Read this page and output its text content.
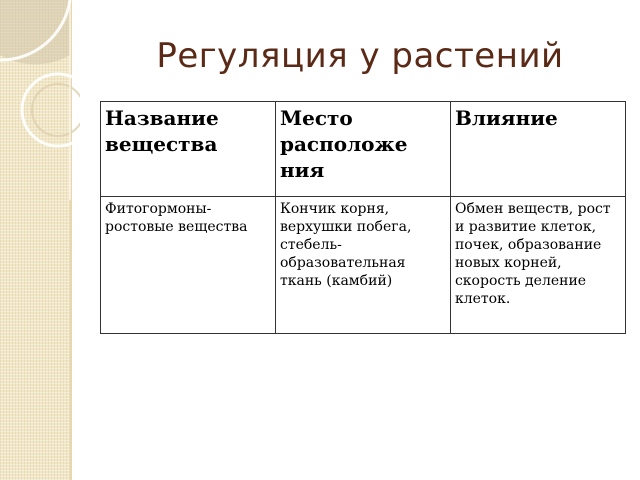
Регуляция у растений
Название вещества	Место расположе ния	Влияние
Фитогормоны-ростовые вещества	Кончик корня, верхушки побега, стебель-образовательная ткань (камбий)	Обмен веществ, рост и развитие клеток, почек, образование новых корней, скорость деление клеток.
